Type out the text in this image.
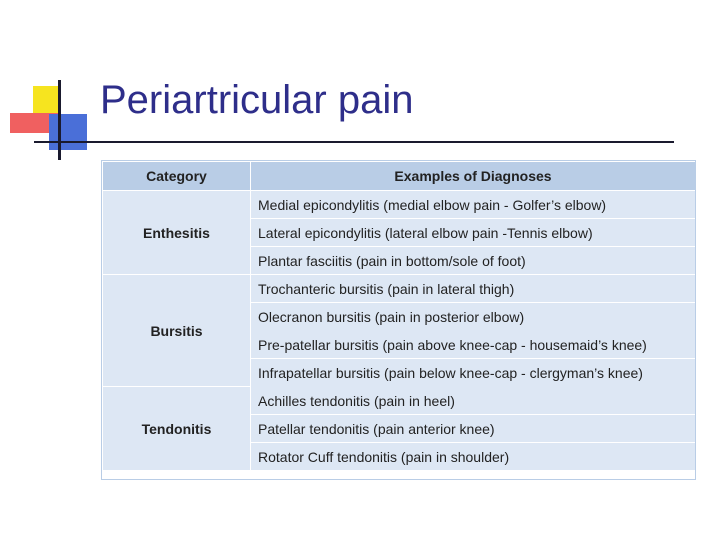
Periartricular pain
Category	Examples of Diagnoses
Enthesitis	Medial epicondylitis (medial elbow pain - Golfer’s elbow)
	Lateral epicondylitis (lateral elbow pain -Tennis elbow)
	Plantar fasciitis (pain in bottom/sole of foot)
Bursitis	Trochanteric bursitis (pain in lateral thigh)
	Olecranon bursitis (pain in posterior elbow)
	Pre-patellar bursitis (pain above knee-cap - housemaid’s knee)
	Infrapatellar bursitis (pain below knee-cap - clergyman’s knee)
Tendonitis	Achilles tendonitis (pain in heel)
	Patellar tendonitis (pain anterior knee)
	Rotator Cuff tendonitis (pain in shoulder)
